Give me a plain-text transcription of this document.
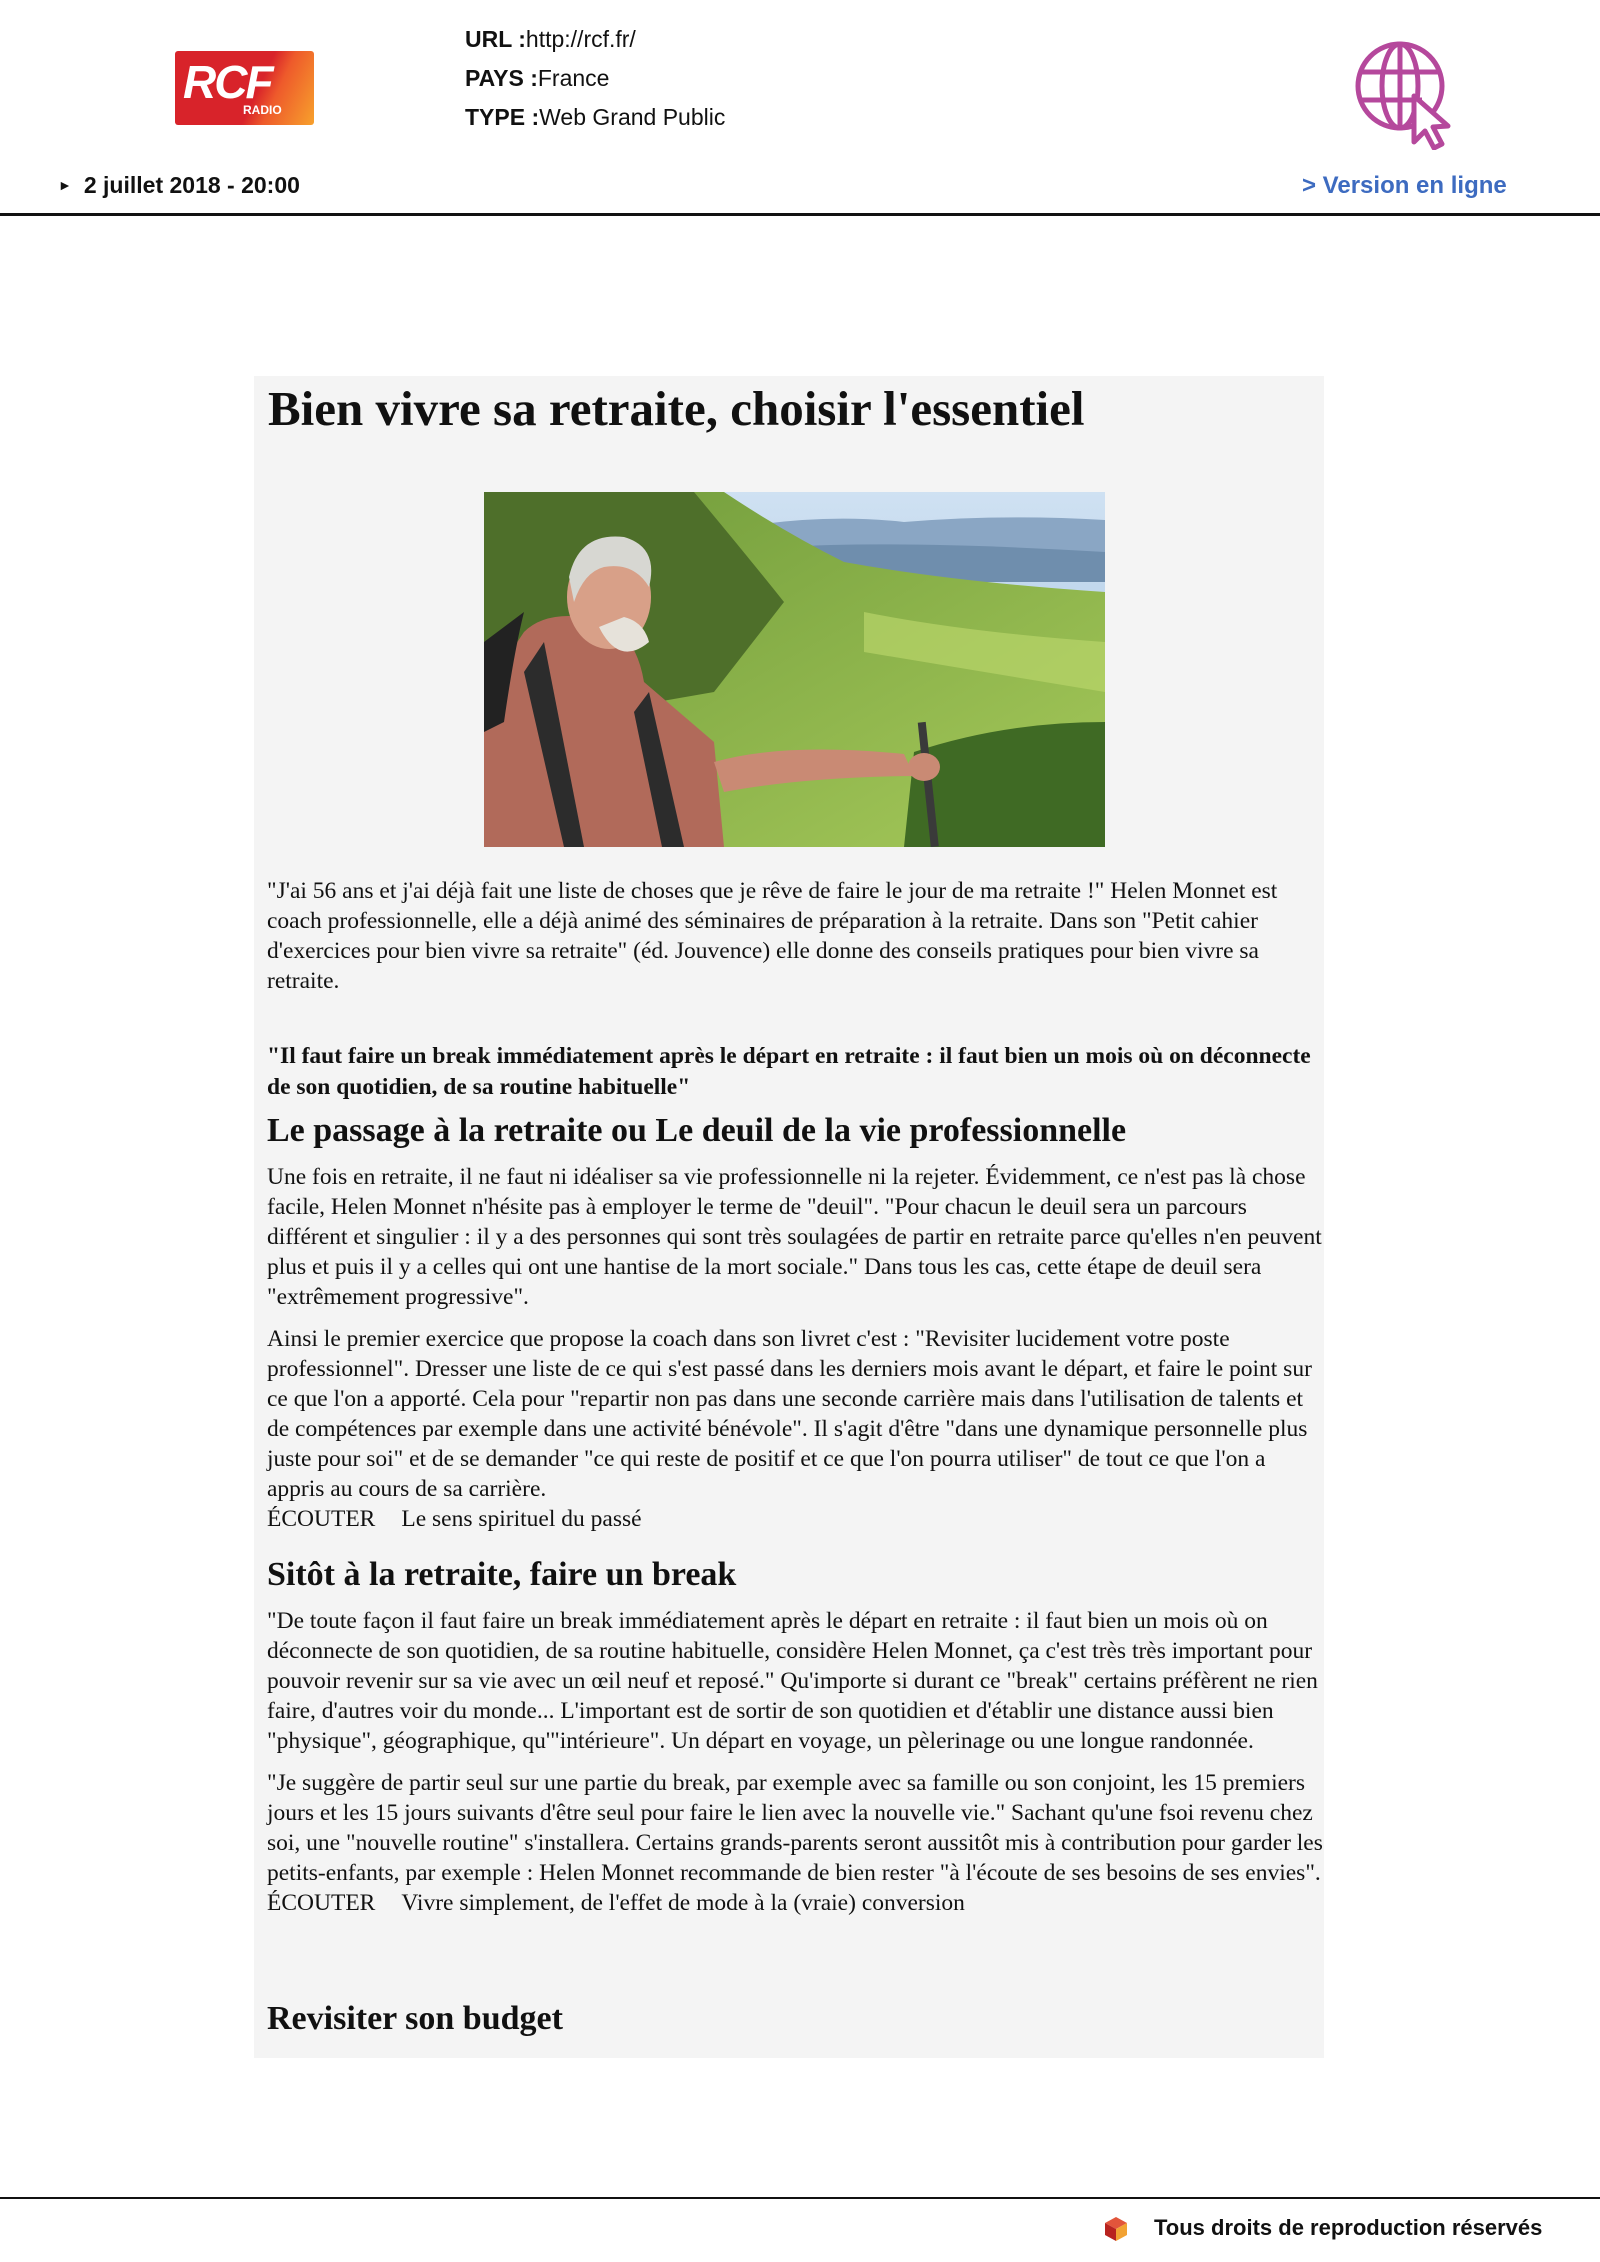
RCF
RADIO
URL :http://rcf.fr/
PAYS :France
TYPE :Web Grand Public
► 2 juillet 2018 - 20:00	> Version en ligne
Bien vivre sa retraite, choisir l'essentiel

"J'ai 56 ans et j'ai déjà fait une liste de choses que je rêve de faire le jour de ma retraite !" Helen Monnet est coach professionnelle, elle a déjà animé des séminaires de préparation à la retraite. Dans son "Petit cahier d'exercices pour bien vivre sa retraite" (éd. Jouvence) elle donne des conseils pratiques pour bien vivre sa retraite.

"Il faut faire un break immédiatement après le départ en retraite : il faut bien un mois où on déconnecte de son quotidien, de sa routine habituelle"

Le passage à la retraite ou Le deuil de la vie professionnelle

Une fois en retraite, il ne faut ni idéaliser sa vie professionnelle ni la rejeter. Évidemment, ce n'est pas là chose facile, Helen Monnet n'hésite pas à employer le terme de "deuil". "Pour chacun le deuil sera un parcours différent et singulier : il y a des personnes qui sont très soulagées de partir en retraite parce qu'elles n'en peuvent plus et puis il y a celles qui ont une hantise de la mort sociale." Dans tous les cas, cette étape de deuil sera "extrêmement progressive".

Ainsi le premier exercice que propose la coach dans son livret c'est : "Revisiter lucidement votre poste professionnel". Dresser une liste de ce qui s'est passé dans les derniers mois avant le départ, et faire le point sur ce que l'on a apporté. Cela pour "repartir non pas dans une seconde carrière mais dans l'utilisation de talents et de compétences par exemple dans une activité bénévole". Il s'agit d'être "dans une dynamique personnelle plus juste pour soi" et de se demander "ce qui reste de positif et ce que l'on pourra utiliser" de tout ce que l'on a appris au cours de sa carrière.

ÉCOUTER Le sens spirituel du passé

Sitôt à la retraite, faire un break

"De toute façon il faut faire un break immédiatement après le départ en retraite : il faut bien un mois où on déconnecte de son quotidien, de sa routine habituelle, considère Helen Monnet, ça c'est très très important pour pouvoir revenir sur sa vie avec un œil neuf et reposé." Qu'importe si durant ce "break" certains préfèrent ne rien faire, d'autres voir du monde... L'important est de sortir de son quotidien et d'établir une distance aussi bien "physique", géographique, qu'"intérieure". Un départ en voyage, un pèlerinage ou une longue randonnée.

"Je suggère de partir seul sur une partie du break, par exemple avec sa famille ou son conjoint, les 15 premiers jours et les 15 jours suivants d'être seul pour faire le lien avec la nouvelle vie." Sachant qu'une fsoi revenu chez soi, une "nouvelle routine" s'installera. Certains grands-parents seront aussitôt mis à contribution pour garder les petits-enfants, par exemple : Helen Monnet recommande de bien rester "à l'écoute de ses besoins de ses envies".

ÉCOUTER Vivre simplement, de l'effet de mode à la (vraie) conversion

Revisiter son budget
Tous droits de reproduction réservés
